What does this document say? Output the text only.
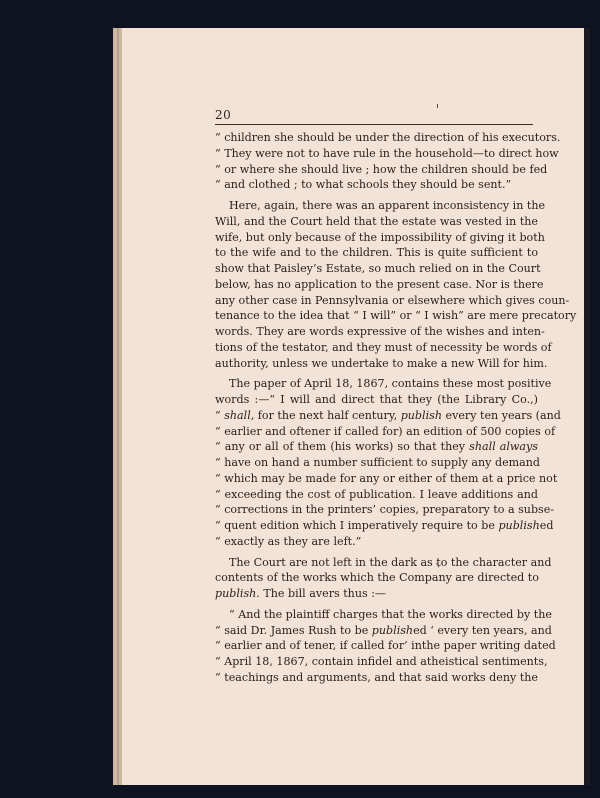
20

“ children she should be under the direction of his executors.
“ They were not to have rule in the household—to direct how
“ or where she should live ; how the children should be fed
“ and clothed ; to what schools they should be sent.”

Here, again, there was an apparent inconsistency in the
Will, and the Court held that the estate was vested in the
wife, but only because of the impossibility of giving it both
to the wife and to the children. This is quite sufficient to
show that Paisley’s Estate, so much relied on in the Court
below, has no application to the present case. Nor is there
any other case in Pennsylvania or elsewhere which gives coun-
tenance to the idea that “ I will” or “ I wish” are mere precatory
words. They are words expressive of the wishes and inten-
tions of the testator, and they must of necessity be words of
authority, unless we undertake to make a new Will for him.

The paper of April 18, 1867, contains these most positive
words :—“ I will and direct that they (the Library Co.,)
“ shall, for the next half century, publish every ten years (and
“ earlier and oftener if called for) an edition of 500 copies of
“ any or all of them (his works) so that they shall always
“ have on hand a number sufficient to supply any demand
“ which may be made for any or either of them at a price not
“ exceeding the cost of publication. I leave additions and
“ corrections in the printers’ copies, preparatory to a subse-
“ quent edition which I imperatively require to be publish
“ exactly as they are left.”

The Court are not left in the dark as to the character and
contents of the works which the Company are directed to
publish. The bill avers thus :—

“ And the plaintiff charges that the works directed by the
“ said Dr. James Rush to be published ‘ every ten years, and
“ earlier and of tener, if called for’ inthe paper writing dated
“ April 18, 1867, contain infidel and atheistical sentiments,
“ teachings and arguments, and that said works deny the
